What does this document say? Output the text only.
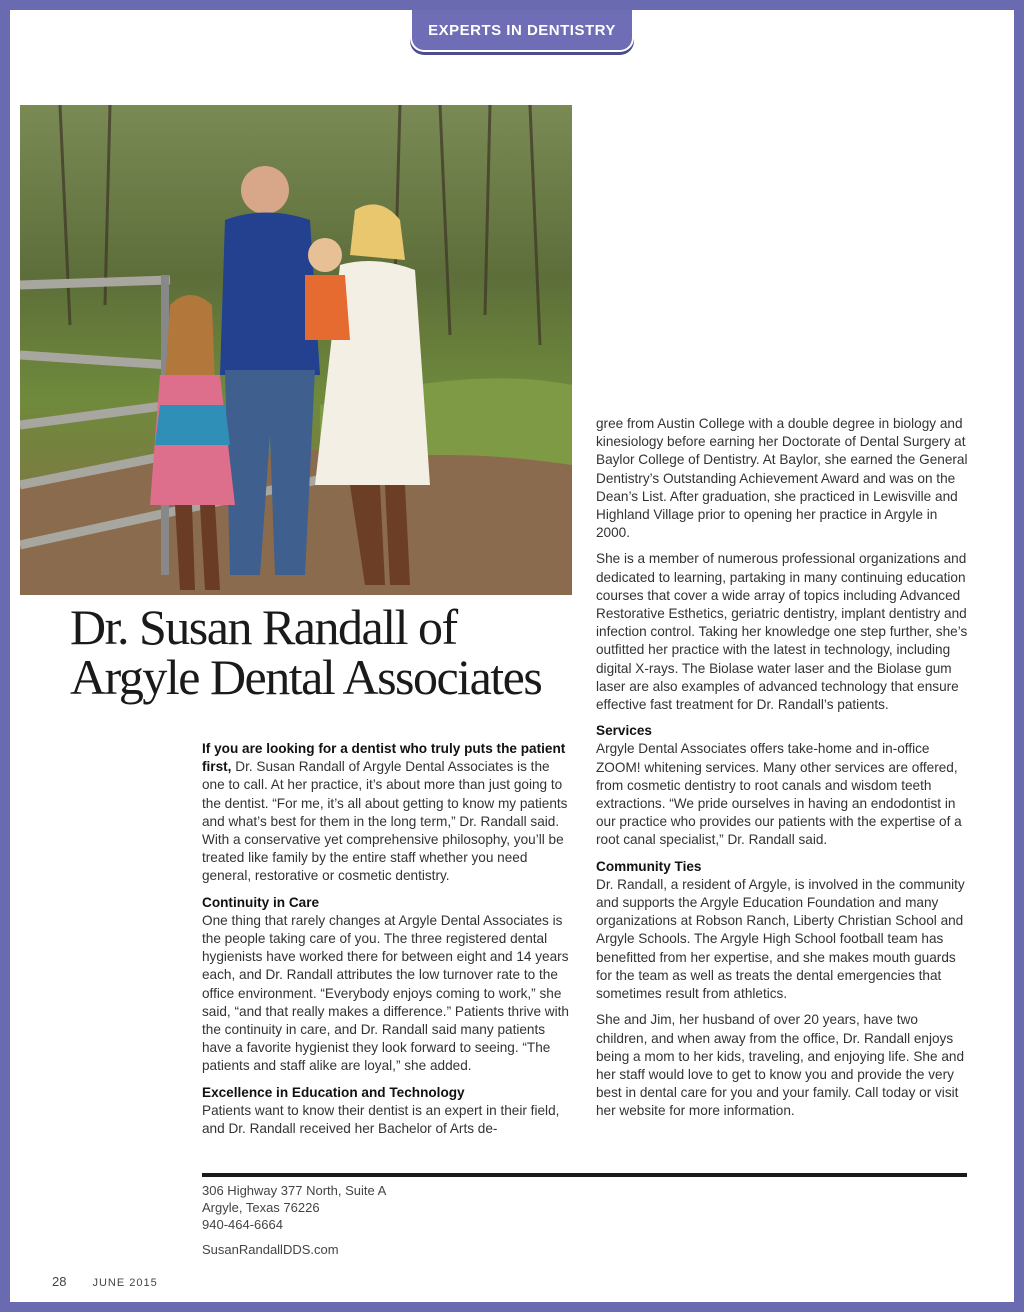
EXPERTS IN DENTISTRY
Dr. Susan Randall of Argyle Dental Associates

If you are looking for a dentist who truly puts the patient first, Dr. Susan Randall of Argyle Dental Associates is the one to call. At her practice, it’s about more than just going to the dentist. “For me, it’s all about getting to know my patients and what’s best for them in the long term,” Dr. Randall said. With a conservative yet comprehensive philosophy, you’ll be treated like family by the entire staff whether you need general, restorative or cosmetic dentistry.

Continuity in Care

One thing that rarely changes at Argyle Dental Associates is the people taking care of you. The three registered dental hygienists have worked there for between eight and 14 years each, and Dr. Randall attributes the low turnover rate to the office environment. “Everybody enjoys coming to work,” she said, “and that really makes a difference.” Patients thrive with the continuity in care, and Dr. Randall said many patients have a favorite hygienist they look forward to seeing. “The patients and staff alike are loyal,” she added.

Excellence in Education and Technology

Patients want to know their dentist is an expert in their field, and Dr. Randall received her Bachelor of Arts de-

gree from Austin College with a double degree in biology and kinesiology before earning her Doctorate of Dental Surgery at Baylor College of Dentistry. At Baylor, she earned the General Dentistry’s Outstanding Achievement Award and was on the Dean’s List. After graduation, she practiced in Lewisville and Highland Village prior to opening her practice in Argyle in 2000.

She is a member of numerous professional organizations and dedicated to learning, partaking in many continuing education courses that cover a wide array of topics including Advanced Restorative Esthetics, geriatric dentistry, implant dentistry and infection control. Taking her knowledge one step further, she’s outfitted her practice with the latest in technology, including digital X-rays. The Biolase water laser and the Biolase gum laser are also examples of advanced technology that ensure effective fast treatment for Dr. Randall’s patients.

Services

Argyle Dental Associates offers take-home and in-office ZOOM! whitening services. Many other services are offered, from cosmetic dentistry to root canals and wisdom teeth extractions. “We pride ourselves in having an endodontist in our practice who provides our patients with the expertise of a root canal specialist,” Dr. Randall said.

Community Ties

Dr. Randall, a resident of Argyle, is involved in the community and supports the Argyle Education Foundation and many organizations at Robson Ranch, Liberty Christian School and Argyle Schools. The Argyle High School football team has benefitted from her expertise, and she makes mouth guards for the team as well as treats the dental emergencies that sometimes result from athletics.

She and Jim, her husband of over 20 years, have two children, and when away from the office, Dr. Randall enjoys being a mom to her kids, traveling, and enjoying life. She and her staff would love to get to know you and provide the very best in dental care for you and your family. Call today or visit her website for more information.

306 Highway 377 North, Suite A
Argyle, Texas 76226
940-464-6664
SusanRandallDDS.com
28 JUNE 2015
